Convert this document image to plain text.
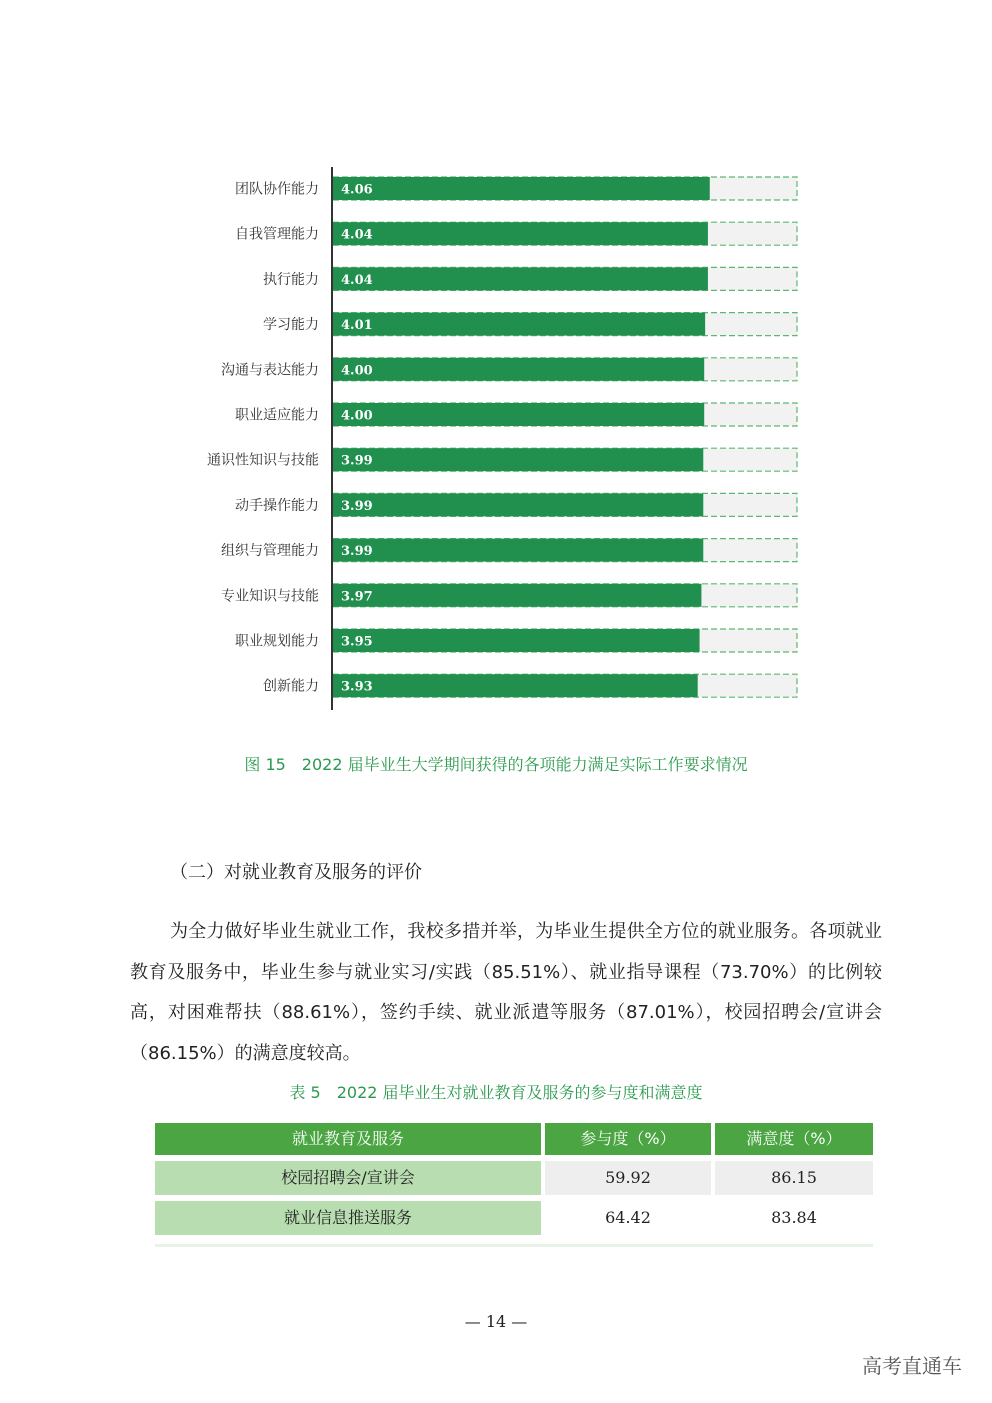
4.06
团队协作能力
4.04
自我管理能力
4.04
执行能力
4.01
学习能力
4.00
沟通与表达能力
4.00
职业适应能力
3.99
通识性知识与技能
3.99
动手操作能力
3.99
组织与管理能力
3.97
专业知识与技能
3.95
职业规划能力
3.93
创新能力
图 15　2022 届毕业生大学期间获得的各项能力满足实际工作要求情况
（二）对就业教育及服务的评价

为全力做好毕业生就业工作，我校多措并举，为毕业生提供全方位的就业服务。各项就业教育及服务中，毕业生参与就业实习/实践（85.51%）、就业指导课程（73.70%）的比例较高，对困难帮扶（88.61%），签约手续、就业派遣等服务（87.01%），校园招聘会/宣讲会（86.15%）的满意度较高。

表 5　2022 届毕业生对就业教育及服务的参与度和满意度
就业教育及服务	参与度（%）	满意度（%）
校园招聘会/宣讲会	59.92	86.15
就业信息推送服务	64.42	83.84
— 14 —
高考直通车
